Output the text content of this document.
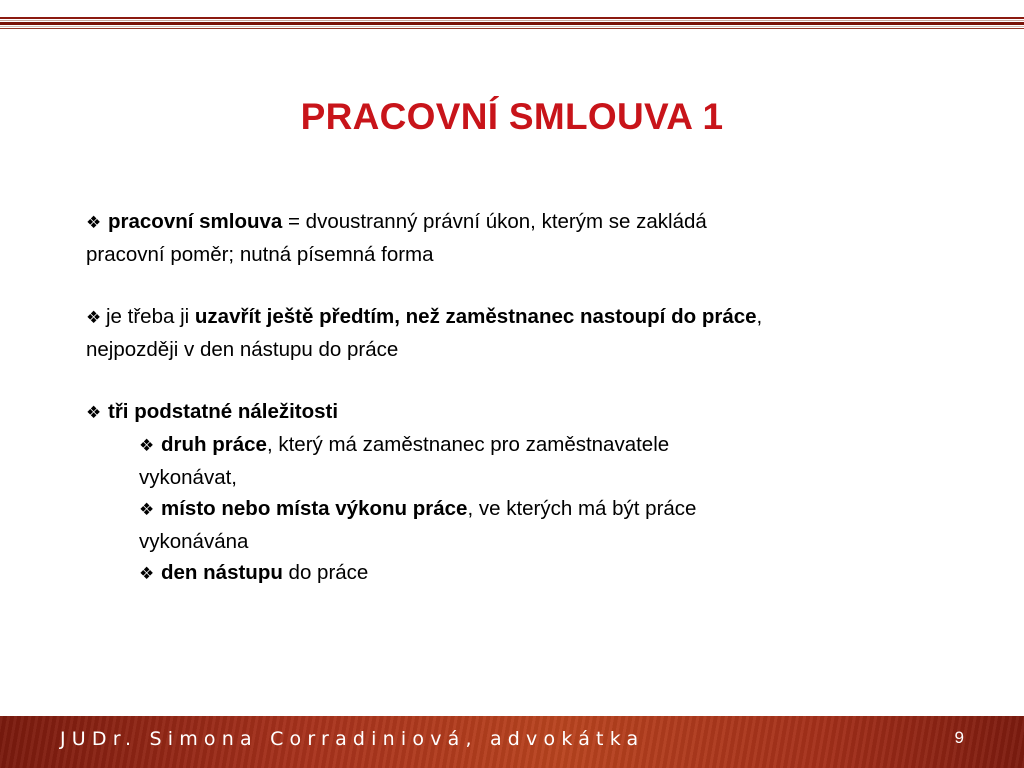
PRACOVNÍ SMLOUVA 1

❖ pracovní smlouva = dvoustranný právní úkon, kterým se zakládá
pracovní poměr; nutná písemná forma

❖ je třeba ji uzavřít ještě předtím, než zaměstnanec nastoupí do práce,
nejpozději v den nástupu do práce

❖ tři podstatné náležitosti

❖ druh práce, který má zaměstnanec pro zaměstnavatele
vykonávat,

❖ místo nebo místa výkonu práce, ve kterých má být práce
vykonávána

❖ den nástupu do práce

JUDr. Simona Corradiniová, advokátka	9
